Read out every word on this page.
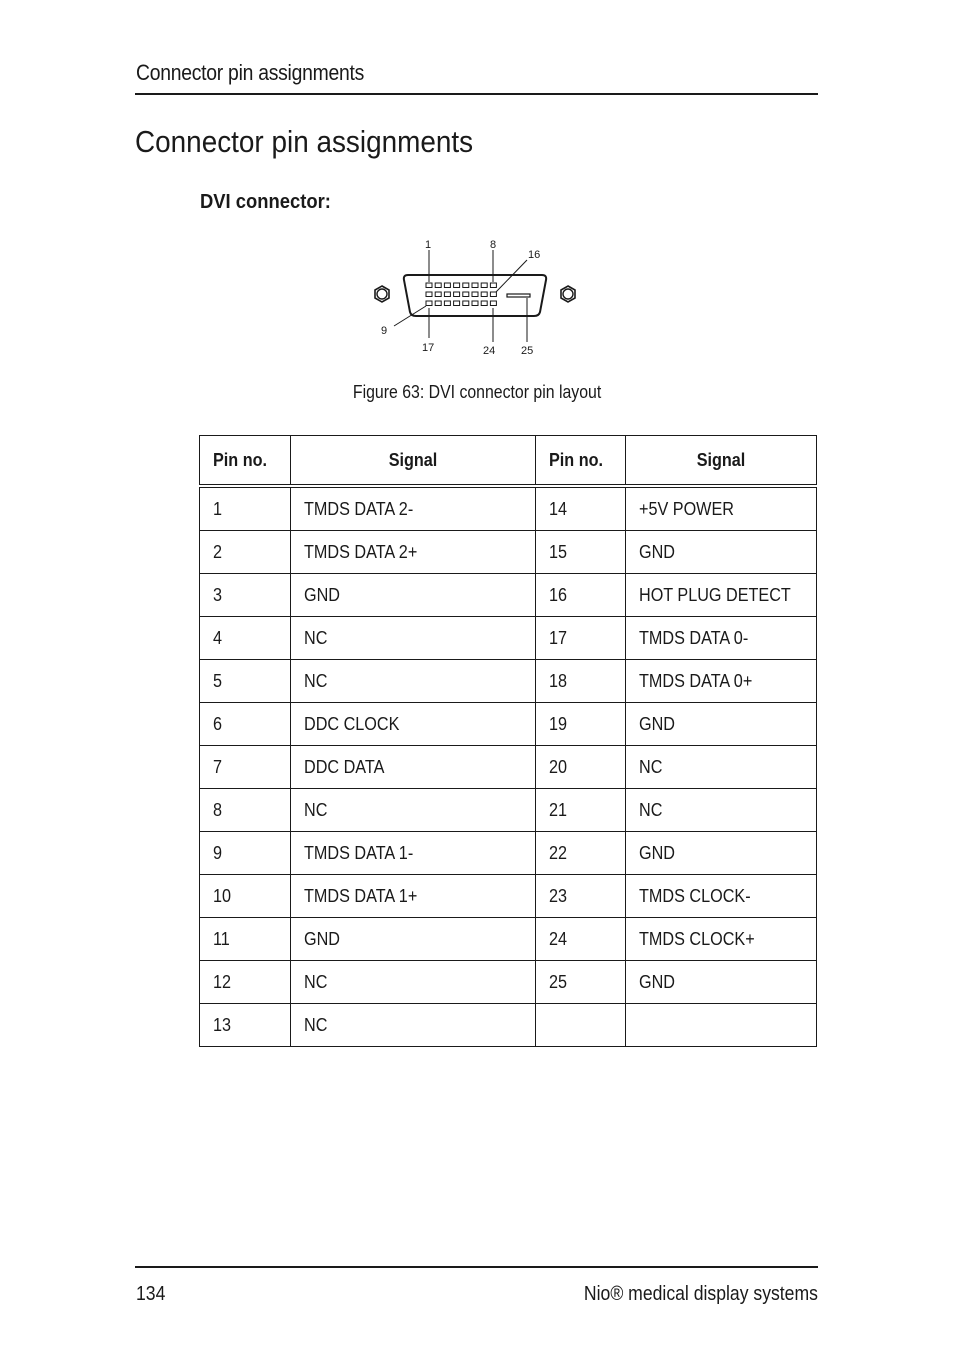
Connector pin assignments
Connector pin assignments
DVI connector:
1	8
16
9
17	24 25
Figure 63: DVI connector pin layout
Pin no.	Signal	Pin no.	Signal
1	TMDS DATA 2-	14	+5V POWER
2	TMDS DATA 2+	15	GND
3	GND	16	HOT PLUG DETECT
4	NC	17	TMDS DATA 0-
5	NC	18	TMDS DATA 0+
6	DDC CLOCK	19	GND
7	DDC DATA	20	NC
8	NC	21	NC
9	TMDS DATA 1-	22	GND
10	TMDS DATA 1+	23	TMDS CLOCK-
11	GND	24	TMDS CLOCK+
12	NC	25	GND
13	NC		
134	Nio® medical display systems
